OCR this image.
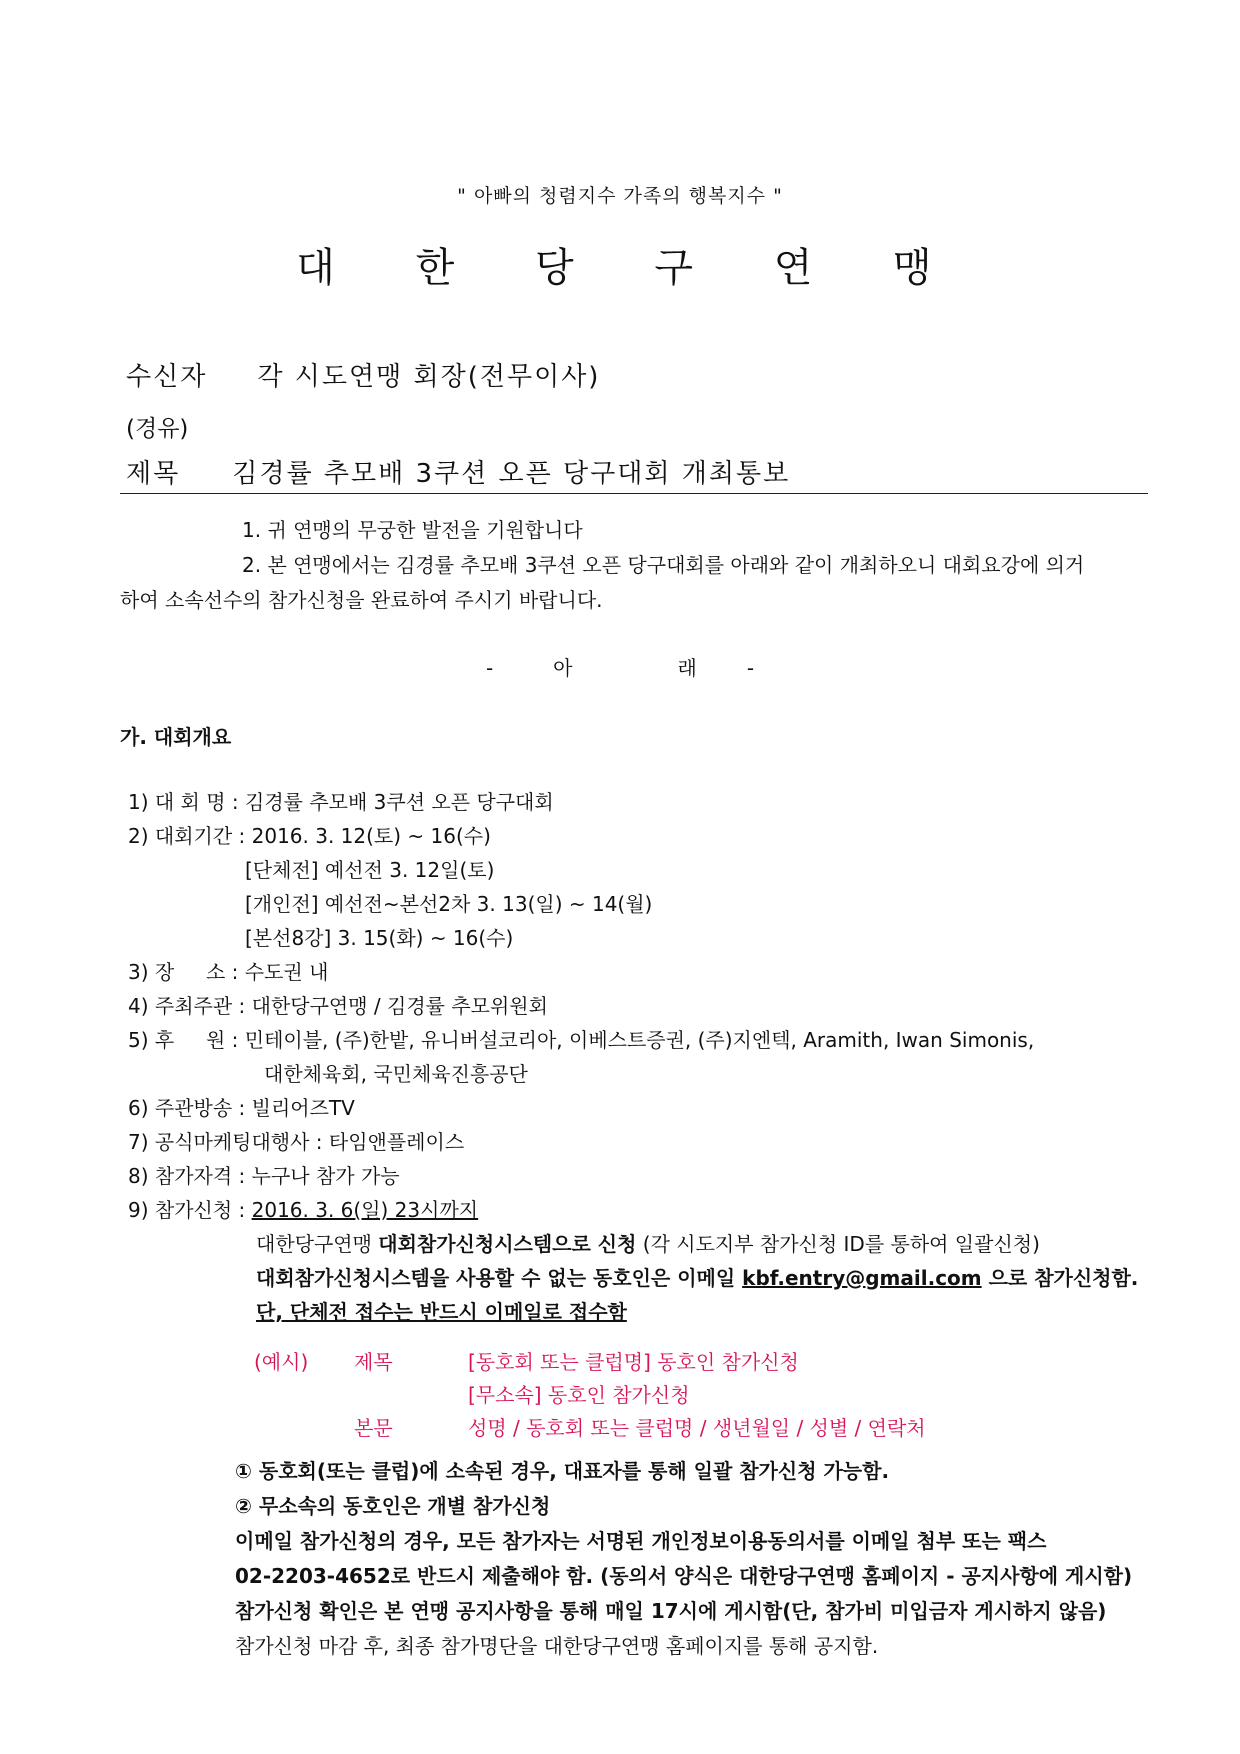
" 아빠의 청렴지수 가족의 행복지수 "
대 한 당 구 연 맹
수신자 각 시도연맹 회장(전무이사)
(경유)
제목 김경률 추모배 3쿠션 오픈 당구대회 개최통보
1. 귀 연맹의 무궁한 발전을 기원합니다
2. 본 연맹에서는 김경률 추모배 3쿠션 오픈 당구대회를 아래와 같이 개최하오니 대회요강에 의거
하여 소속선수의 참가신청을 완료하여 주시기 바랍니다.
-	아	래	-
가. 대회개요
1) 대 회 명 : 김경률 추모배 3쿠션 오픈 당구대회
2) 대회기간 : 2016. 3. 12(토) ~ 16(수)
[단체전] 예선전 3. 12일(토)
[개인전] 예선전~본선2차 3. 13(일) ~ 14(월)
[본선8강] 3. 15(화) ~ 16(수)
3) 장     소 : 수도권 내
4) 주최주관 : 대한당구연맹 / 김경률 추모위원회
5) 후     원 : 민테이블, (주)한밭, 유니버설코리아, 이베스트증권, (주)지엔텍, Aramith, Iwan Simonis,
대한체육회, 국민체육진흥공단
6) 주관방송 : 빌리어즈TV
7) 공식마케팅대행사 : 타임앤플레이스
8) 참가자격 : 누구나 참가 가능
9) 참가신청 : 2016. 3. 6(일) 23시까지
대한당구연맹 대회참가신청시스템으로 신청 (각 시도지부 참가신청 ID를 통하여 일괄신청)
대회참가신청시스템을 사용할 수 없는 동호인은 이메일 kbf.entry@gmail.com 으로 참가신청함.
단, 단체전 접수는 반드시 이메일로 접수함
(예시) 제목	[동호회 또는 클럽명] 동호인 참가신청
[무소속] 동호인 참가신청
본문	성명 / 동호회 또는 클럽명 / 생년월일 / 성별 / 연락처
① 동호회(또는 클럽)에 소속된 경우, 대표자를 통해 일괄 참가신청 가능함.
② 무소속의 동호인은 개별 참가신청
이메일 참가신청의 경우, 모든 참가자는 서명된 개인정보이용동의서를 이메일 첨부 또는 팩스
02-2203-4652로 반드시 제출해야 함. (동의서 양식은 대한당구연맹 홈페이지 - 공지사항에 게시함)
참가신청 확인은 본 연맹 공지사항을 통해 매일 17시에 게시함(단, 참가비 미입금자 게시하지 않음)
참가신청 마감 후, 최종 참가명단을 대한당구연맹 홈페이지를 통해 공지함.
